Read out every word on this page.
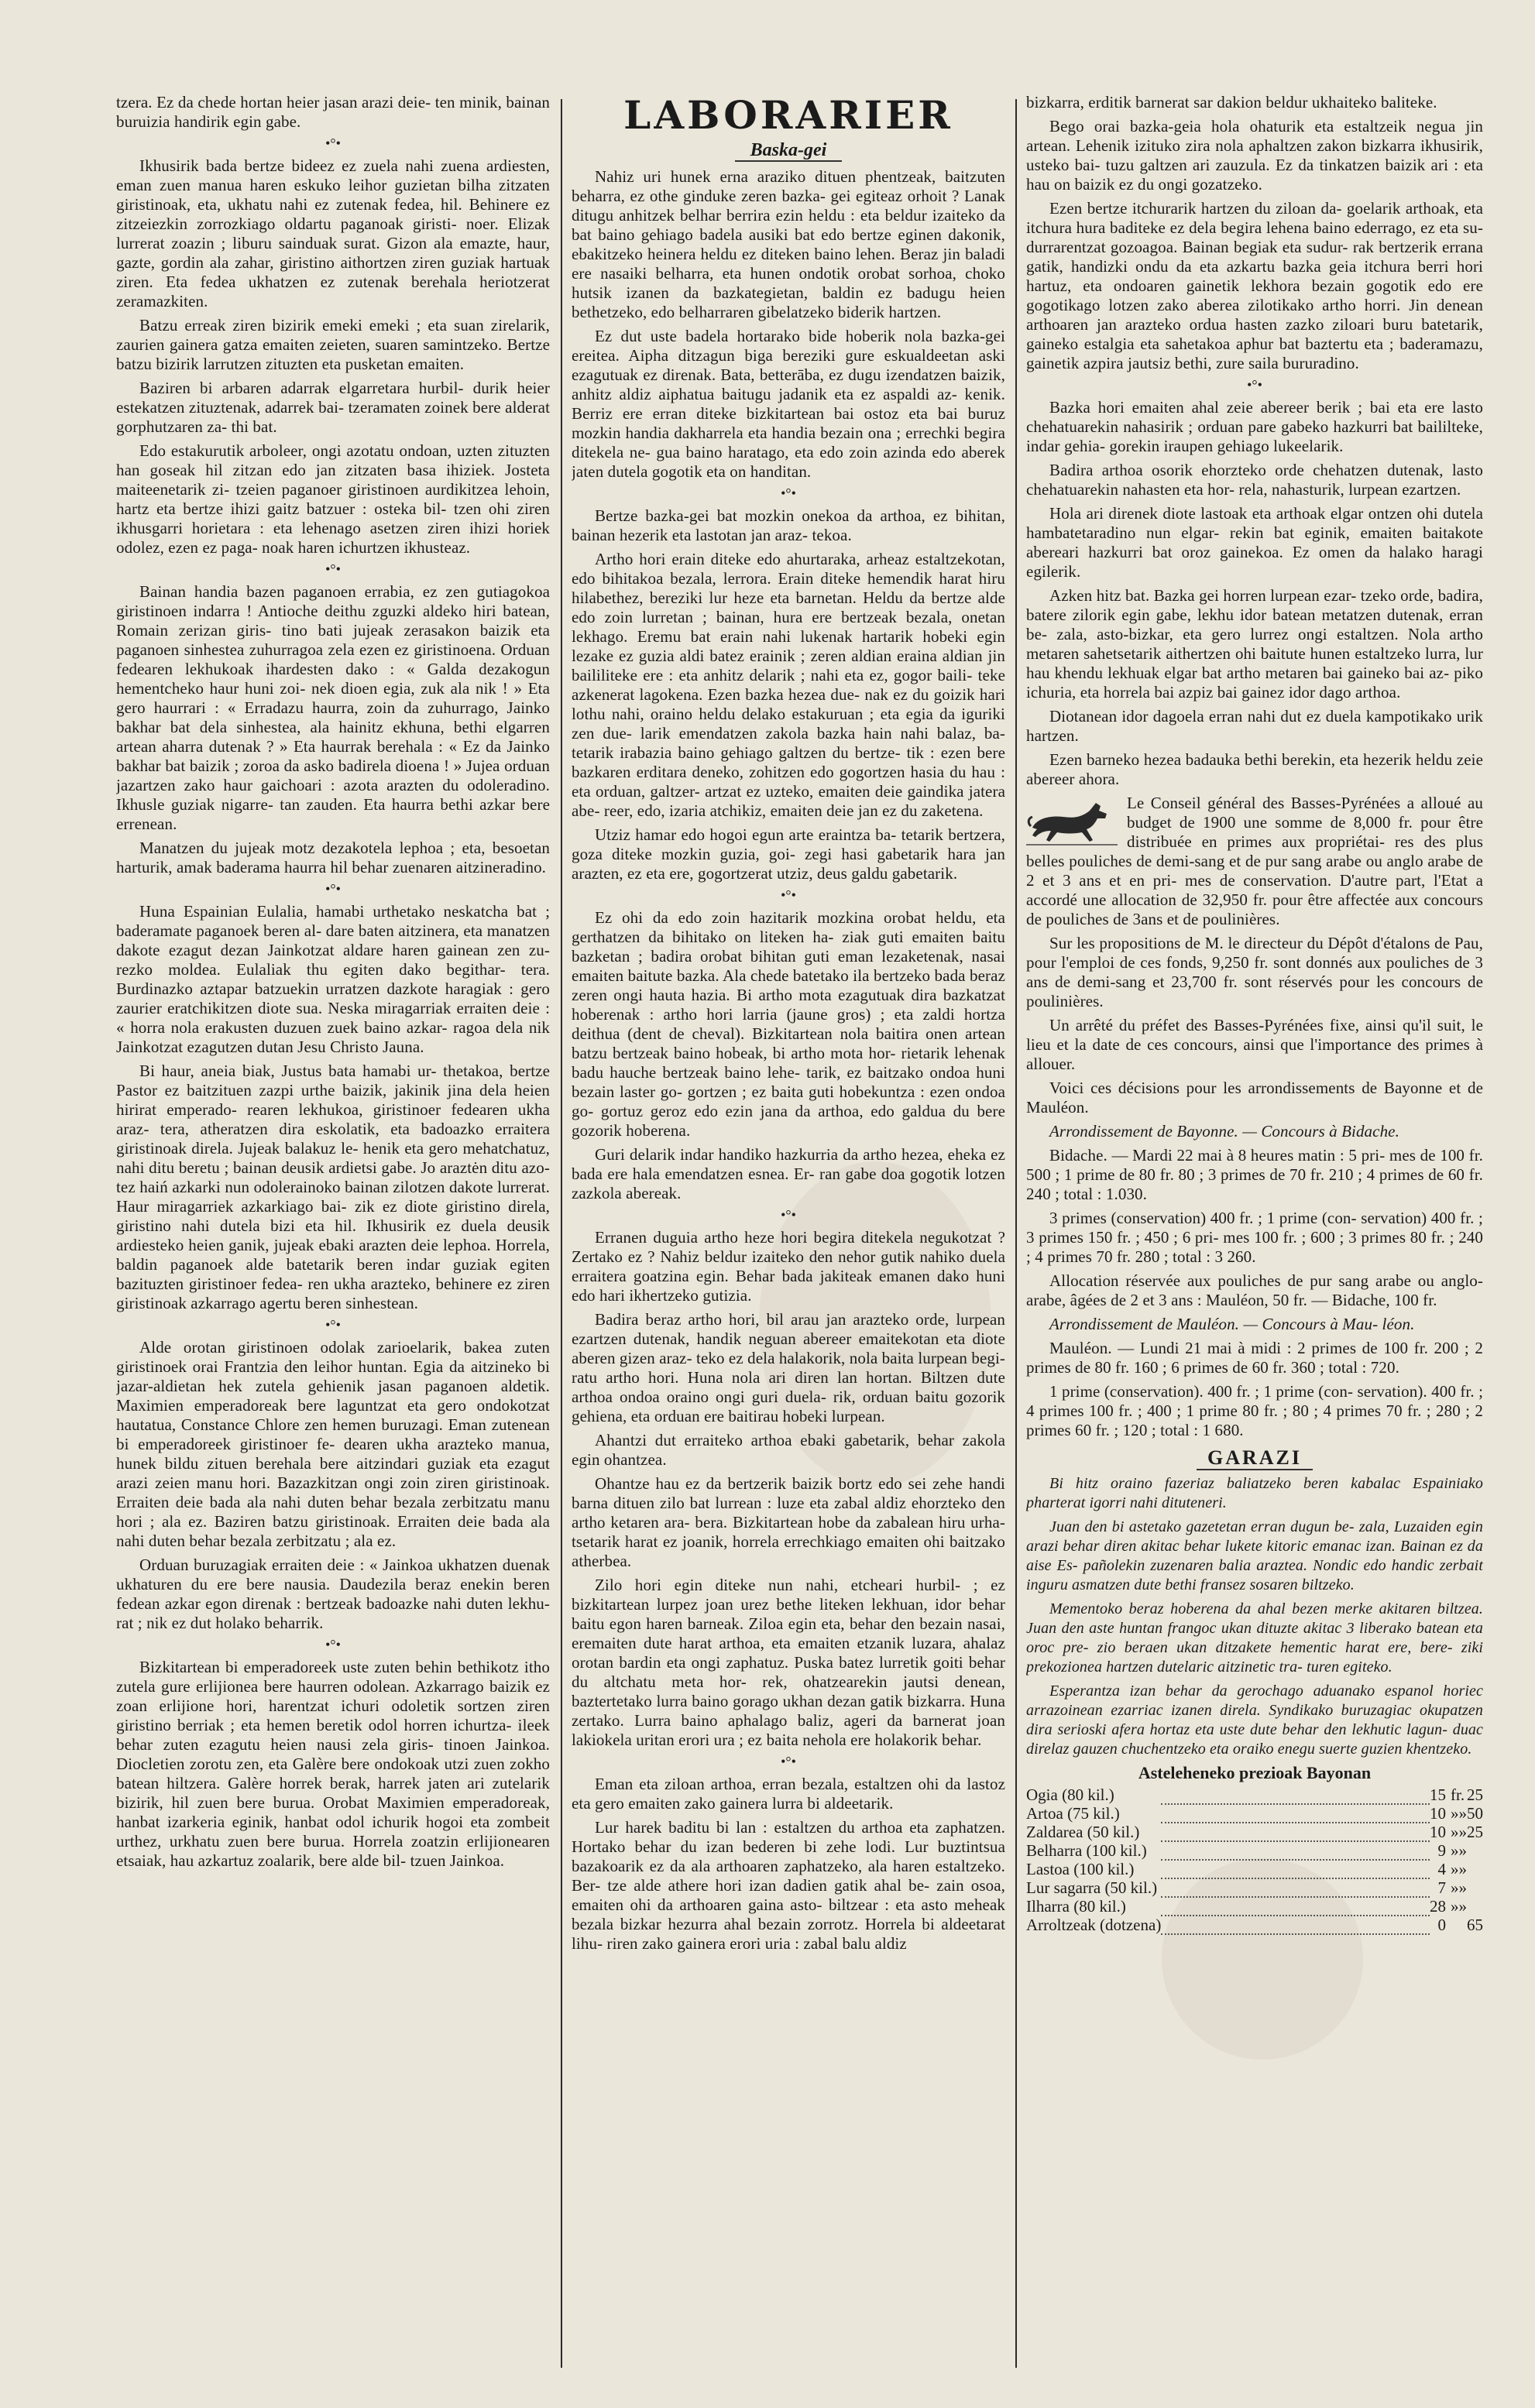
tzera. Ez da chede hortan heier jasan arazi deie- ten minik, bainan buruizia handirik egin gabe.

•°•

Ikhusirik bada bertze bideez ez zuela nahi zuena ardiesten, eman zuen manua haren eskuko leihor guzietan bilha zitzaten giristinoak, eta, ukhatu nahi ez zutenak fedea, hil. Behinere ez zitzeiezkin zorrozkiago oldartu paganoak giristi- noer. Elizak lurrerat zoazin ; liburu sainduak surat. Gizon ala emazte, haur, gazte, gordin ala zahar, giristino aithortzen ziren guziak hartuak ziren. Eta fedea ukhatzen ez zutenak berehala heriotzerat zeramazkiten.

Batzu erreak ziren bizirik emeki emeki ; eta suan zirelarik, zaurien gainera gatza emaiten zeieten, suaren samintzeko. Bertze batzu bizirik larrutzen zituzten eta pusketan emaiten.

Baziren bi arbaren adarrak elgarretara hurbil- durik heier estekatzen zituztenak, adarrek bai- tzeramaten zoinek bere alderat gorphutzaren za- thi bat.

Edo estakurutik arboleer, ongi azotatu ondoan, uzten zituzten han goseak hil zitzan edo jan zitzaten basa ihiziek. Josteta maiteenetarik zi- tzeien paganoer giristinoen aurdikitzea lehoin, hartz eta bertze ihizi gaitz batzuer : osteka bil- tzen ohi ziren ikhusgarri horietara : eta lehenago asetzen ziren ihizi horiek odolez, ezen ez paga- noak haren ichurtzen ikhusteaz.

•°•

Bainan handia bazen paganoen errabia, ez zen gutiagokoa giristinoen indarra ! Antioche deithu zguzki aldeko hiri batean, Romain zerizan giris- tino bati jujeak zerasakon baizik eta paganoen sinhestea zuhurragoa zela ezen ez giristinoena. Orduan fedearen lekhukoak ihardesten dako : « Galda dezakogun hementcheko haur huni zoi- nek dioen egia, zuk ala nik ! » Eta gero haurrari : « Erradazu haurra, zoin da zuhurrago, Jainko bakhar bat dela sinhestea, ala hainitz ekhuna, bethi elgarren artean aharra dutenak ? » Eta haurrak berehala : « Ez da Jainko bakhar bat baizik ; zoroa da asko badirela dioena ! » Jujea orduan jazartzen zako haur gaichoari : azota arazten du odoleradino. Ikhusle guziak nigarre- tan zauden. Eta haurra bethi azkar bere errenean.

Manatzen du jujeak motz dezakotela lephoa ; eta, besoetan harturik, amak baderama haurra hil behar zuenaren aitzineradino.

•°•

Huna Espainian Eulalia, hamabi urthetako neskatcha bat ; baderamate paganoek beren al- dare baten aitzinera, eta manatzen dakote ezagut dezan Jainkotzat aldare haren gainean zen zu- rezko moldea. Eulaliak thu egiten dako begithar- tera. Burdinazko aztapar batzuekin urratzen dazkote haragiak : gero zaurier eratchikitzen diote sua. Neska miragarriak erraiten deie : « horra nola erakusten duzuen zuek baino azkar- ragoa dela nik Jainkotzat ezagutzen dutan Jesu Christo Jauna.

Bi haur, aneia biak, Justus bata hamabi ur- thetakoa, bertze Pastor ez baitzituen zazpi urthe baizik, jakinik jina dela heien hirirat emperado- rearen lekhukoa, giristinoer fedearen ukha araz- tera, atheratzen dira eskolatik, eta badoazko erraitera giristinoak direla. Jujeak balakuz le- henik eta gero mehatchatuz, nahi ditu beretu ; bainan deusik ardietsi gabe. Jo araztėn ditu azo- tez haiń azkarki nun odolerainoko bainan zilotzen dakote lurrerat. Haur miragarriek azkarkiago bai- zik ez diote giristino direla, giristino nahi dutela bizi eta hil. Ikhusirik ez duela deusik ardiesteko heien ganik, jujeak ebaki arazten deie lephoa. Horrela, baldin paganoek alde batetarik beren indar guziak egiten bazituzten giristinoer fedea- ren ukha arazteko, behinere ez ziren giristinoak azkarrago agertu beren sinhestean.

•°•

Alde orotan giristinoen odolak zarioelarik, bakea zuten giristinoek orai Frantzia den leihor huntan. Egia da aitzineko bi jazar-aldietan hek zutela gehienik jasan paganoen aldetik. Maximien emperadoreak bere laguntzat eta gero ondokotzat hautatua, Constance Chlore zen hemen buruzagi. Eman zutenean bi emperadoreek giristinoer fe- dearen ukha arazteko manua, hunek bildu zituen berehala bere aitzindari guziak eta ezagut arazi zeien manu hori. Bazazkitzan ongi zoin ziren giristinoak. Erraiten deie bada ala nahi duten behar bezala zerbitzatu manu hori ; ala ez. Baziren batzu giristinoak. Erraiten deie bada ala nahi duten behar bezala zerbitzatu ; ala ez.

Orduan buruzagiak erraiten deie : « Jainkoa ukhatzen duenak ukhaturen du ere bere nausia. Daudezila beraz enekin beren fedean azkar egon direnak : bertzeak badoazke nahi duten lekhu- rat ; nik ez dut holako beharrik.

•°•

Bizkitartean bi emperadoreek uste zuten behin bethikotz itho zutela gure erlijionea bere haurren odolean. Azkarrago baizik ez zoan erlijione hori, harentzat ichuri odoletik sortzen ziren giristino berriak ; eta hemen beretik odol horren ichurtza- ileek behar zuten ezagutu heien nausi zela giris- tinoen Jainkoa. Diocletien zorotu zen, eta Galère bere ondokoak utzi zuen zokho batean hiltzera. Galère horrek berak, harrek jaten ari zutelarik bizirik, hil zuen bere burua. Orobat Maximien emperadoreak, hanbat izarkeria eginik, hanbat odol ichurik hogoi eta zombeit urthez, urkhatu zuen bere burua. Horrela zoatzin erlijionearen etsaiak, hau azkartuz zoalarik, bere alde bil- tzuen Jainkoa.

LABORARIER
Baska-gei

Nahiz uri hunek erna araziko dituen phentzeak, baitzuten beharra, ez othe ginduke zeren bazka- gei egiteaz orhoit ? Lanak ditugu anhitzek belhar berrira ezin heldu : eta beldur izaiteko da bat baino gehiago badela ausiki bat edo bertze eginen dakonik, ebakitzeko heinera heldu ez diteken baino lehen. Beraz jin baladi ere nasaiki belharra, eta hunen ondotik orobat sorhoa, choko hutsik izanen da bazkategietan, baldin ez badugu heien bethetzeko, edo belharraren gibelatzeko biderik hartzen.

Ez dut uste badela hortarako bide hoberik nola bazka-gei ereitea. Aipha ditzagun biga bereziki gure eskualdeetan aski ezagutuak ez direnak. Bata, betterāba, ez dugu izendatzen baizik, anhitz aldiz aiphatua baitugu jadanik eta ez aspaldi az- kenik. Berriz ere erran diteke bizkitartean bai ostoz eta bai buruz mozkin handia dakharrela eta handia bezain ona ; errechki begira ditekela ne- gua baino haratago, eta edo zoin azinda edo aberek jaten dutela gogotik eta on handitan.

•°•

Bertze bazka-gei bat mozkin onekoa da arthoa, ez bihitan, bainan hezerik eta lastotan jan araz- tekoa.

Artho hori erain diteke edo ahurtaraka, arheaz estaltzekotan, edo bihitakoa bezala, lerrora. Erain diteke hemendik harat hiru hilabethez, bereziki lur heze eta barnetan. Heldu da bertze alde edo zoin lurretan ; bainan, hura ere bertzeak bezala, onetan lekhago. Eremu bat erain nahi lukenak hartarik hobeki egin lezake ez guzia aldi batez erainik ; zeren aldian eraina aldian jin baililiteke ere : eta anhitz delarik ; nahi eta ez, gogor baili- teke azkenerat lagokena. Ezen bazka hezea due- nak ez du goizik hari lothu nahi, oraino heldu delako estakuruan ; eta egia da iguriki zen due- larik emendatzen zakola bazka hain nahi balaz, ba- tetarik irabazia baino gehiago galtzen du bertze- tik : ezen bere bazkaren erditara deneko, zohitzen edo gogortzen hasia du hau : eta orduan, galtzer- artzat ez uzteko, emaiten deie gaindika jatera abe- reer, edo, izaria atchikiz, emaiten deie jan ez du zaketena.

Utziz hamar edo hogoi egun arte eraintza ba- tetarik bertzera, goza diteke mozkin guzia, goi- zegi hasi gabetarik hara jan arazten, ez eta ere, gogortzerat utziz, deus galdu gabetarik.

•°•

Ez ohi da edo zoin hazitarik mozkina orobat heldu, eta gerthatzen da bihitako on liteken ha- ziak guti emaiten baitu bazketan ; badira orobat bihitan guti eman lezaketenak, nasai emaiten baitute bazka. Ala chede batetako ila bertzeko bada beraz zeren ongi hauta hazia. Bi artho mota ezagutuak dira bazkatzat hoberenak : artho hori larria (jaune gros) ; eta zaldi hortza deithua (dent de cheval). Bizkitartean nola baitira onen artean batzu bertzeak baino hobeak, bi artho mota hor- rietarik lehenak badu hauche bertzeak baino lehe- tarik, ez baitzako ondoa huni bezain laster go- gortzen ; ez baita guti hobekuntza : ezen ondoa go- gortuz geroz edo ezin jana da arthoa, edo galdua du bere gozorik hoberena.

Guri delarik indar handiko hazkurria da artho hezea, eheka ez bada ere hala emendatzen esnea. Er- ran gabe doa gogotik lotzen zazkola abereak.

•°•

Erranen duguia artho heze hori begira ditekela negukotzat ? Zertako ez ? Nahiz beldur izaiteko den nehor gutik nahiko duela erraitera goatzina egin. Behar bada jakiteak emanen dako huni edo hari ikhertzeko gutizia.

Badira beraz artho hori, bil arau jan arazteko orde, lurpean ezartzen dutenak, handik neguan abereer emaitekotan eta diote aberen gizen araz- teko ez dela halakorik, nola baita lurpean begi- ratu artho hori. Huna nola ari diren lan hortan. Biltzen dute arthoa ondoa oraino ongi guri duela- rik, orduan baitu gozorik gehiena, eta orduan ere baitirau hobeki lurpean.

Ahantzi dut erraiteko arthoa ebaki gabetarik, behar zakola egin ohantzea.

Ohantze hau ez da bertzerik baizik bortz edo sei zehe handi barna dituen zilo bat lurrean : luze eta zabal aldiz ehorzteko den artho ketaren ara- bera. Bizkitartean hobe da zabalean hiru urha- tsetarik harat ez joanik, horrela errechkiago emaiten ohi baitzako atherbea.

Zilo hori egin diteke nun nahi, etcheari hurbil- ; ez bizkitartean lurpez joan urez bethe liteken lekhuan, idor behar baitu egon haren barneak. Ziloa egin eta, behar den bezain nasai, eremaiten dute harat arthoa, eta emaiten etzanik luzara, ahalaz orotan bardin eta ongi zaphatuz. Puska batez lurretik goiti behar du altchatu meta hor- rek, ohatzearekin jautsi denean, baztertetako lurra baino gorago ukhan dezan gatik bizkarra. Huna zertako. Lurra baino aphalago baliz, ageri da barnerat joan lakiokela uritan erori ura ; ez baita nehola ere holakorik behar.

•°•

Eman eta ziloan arthoa, erran bezala, estaltzen ohi da lastoz eta gero emaiten zako gainera lurra bi aldeetarik.

Lur harek baditu bi lan : estaltzen du arthoa eta zaphatzen. Hortako behar du izan bederen bi zehe lodi. Lur buztintsua bazakoarik ez da ala arthoaren zaphatzeko, ala haren estaltzeko. Ber- tze alde athere hori izan dadien gatik ahal be- zain osoa, emaiten ohi da arthoaren gaina asto- biltzear : eta asto meheak bezala bizkar hezurra ahal bezain zorrotz. Horrela bi aldeetarat lihu- riren zako gainera erori uria : zabal balu aldiz

bizkarra, erditik barnerat sar dakion beldur ukhaiteko baliteke.

Bego orai bazka-geia hola ohaturik eta estaltzeik negua jin artean. Lehenik izituko zira nola aphaltzen zakon bizkarra ikhusirik, usteko bai- tuzu galtzen ari zauzula. Ez da tinkatzen baizik ari : eta hau on baizik ez du ongi gozatzeko.

Ezen bertze itchurarik hartzen du ziloan da- goelarik arthoak, eta itchura hura baditeke ez dela begira lehena baino ederrago, ez eta su- durrarentzat gozoagoa. Bainan begiak eta sudur- rak bertzerik errana gatik, handizki ondu da eta azkartu bazka geia itchura berri hori hartuz, eta ondoaren gainetik lekhora bezain gogotik edo ere gogotikago lotzen zako aberea zilotikako artho horri. Jin denean arthoaren jan araztekо ordua hasten zazko ziloari buru batetarik, gaineko estalgia eta sahetakoa aphur bat baztertu eta ; baderamazu, gainetik azpira jautsiz bethi, zure saila bururadino.

•°•

Bazka hori emaiten ahal zeie abereer berik ; bai eta ere lasto chehatuarekin nahasirik ; orduan pare gabeko hazkurri bat baililteke, indar gehia- gorekin iraupen gehiago lukeelarik.

Badira arthoa osorik ehorzteko orde chehatzen dutenak, lasto chehatuarekin nahasten eta hor- rela, nahasturik, lurpean ezartzen.

Hola ari direnek diote lastoak eta arthoak elgar ontzen ohi dutela hambatetaradino nun elgar- rekin bat eginik, emaiten baitakote abereari hazkurri bat oroz gainekoa. Ez omen da halako haragi egilerik.

Azken hitz bat. Bazka gei horren lurpean ezar- tzeko orde, badira, batere zilorik egin gabe, lekhu idor batean metatzen dutenak, erran be- zala, asto-bizkar, eta gero lurrez ongi estaltzen. Nola artho metaren sahetsetarik aithertzen ohi baitute hunen estaltzeko lurra, lur hau khendu lekhuak elgar bat artho metaren bai gaineko bai az- piko ichuria, eta horrela bai azpiz bai gainez idor dago arthoa.

Diotanean idor dagoela erran nahi dut ez duela kampotikako urik hartzen.

Ezen barneko hezea badauka bethi berekin, eta hezerik heldu zeie abereer ahora.

Le Conseil général des Basses-Pyrénées a alloué au budget de 1900 une somme de 8,000 fr. pour être distribuée en primes aux propriétai- res des plus belles pouliches de demi-sang et de pur sang arabe ou anglo arabe de 2 et 3 ans et en pri- mes de conservation. D'autre part, l'Etat a accordé une allocation de 32,950 fr. pour être affectée aux concours de pouliches de 3ans et de poulinières.

Sur les propositions de M. le directeur du Dépôt d'étalons de Pau, pour l'emploi de ces fonds, 9,250 fr. sont donnés aux pouliches de 3 ans de demi-sang et 23,700 fr. sont réservés pour les concours de poulinières.

Un arrêté du préfet des Basses-Pyrénées fixe, ainsi qu'il suit, le lieu et la date de ces concours, ainsi que l'importance des primes à allouer.

Voici ces décisions pour les arrondissements de Bayonne et de Mauléon.

Arrondissement de Bayonne. — Concours à Bidache.

Bidache. — Mardi 22 mai à 8 heures matin : 5 pri- mes de 100 fr. 500 ; 1 prime de 80 fr. 80 ; 3 primes de 70 fr. 210 ; 4 primes de 60 fr. 240 ; total : 1.030.

3 primes (conservation) 400 fr. ; 1 prime (con- servation) 400 fr. ; 3 primes 150 fr. ; 450 ; 6 pri- mes 100 fr. ; 600 ; 3 primes 80 fr. ; 240 ; 4 primes 70 fr. 280 ; total : 3 260.

Allocation réservée aux pouliches de pur sang arabe ou anglo-arabe, âgées de 2 et 3 ans : Mauléon, 50 fr. — Bidache, 100 fr.

Arrondissement de Mauléon. — Concours à Mau- léon.

Mauléon. — Lundi 21 mai à midi : 2 primes de 100 fr. 200 ; 2 primes de 80 fr. 160 ; 6 primes de 60 fr. 360 ; total : 720.

1 prime (conservation). 400 fr. ; 1 prime (con- servation). 400 fr. ; 4 primes 100 fr. ; 400 ; 1 prime 80 fr. ; 80 ; 4 primes 70 fr. ; 280 ; 2 primes 60 fr. ; 120 ; total : 1 680.

GARAZI

Bi hitz oraino fazeriaz baliatzeko beren kabalac Espainiako pharterat igorri nahi dituteneri.

Juan den bi astetako gazetetan erran dugun be- zala, Luzaiden egin arazi behar diren akitac behar lukete kitoric emanac izan. Bainan ez da aise Es- pañolekin zuzenaren balia araztea. Nondic edo handic zerbait inguru asmatzen dute bethi fransez sosaren biltzeko.

Mementoko beraz hoberena da ahal bezen merke akitaren biltzea. Juan den aste huntan frangoc ukan dituzte akitac 3 liberako batean eta oroc pre- zio beraen ukan ditzakete hementic harat ere, bere- ziki prekozionea hartzen dutelaric aitzinetic tra- turen egiteko.

Esperantza izan behar da gerochago aduanako espanol horiec arrazoinean ezarriac izanen direla. Syndikako buruzagiac okupatzen dira serioski afera hortaz eta uste dute behar den lekhutic lagun- duac direlaz gauzen chuchentzeko eta oraiko enegu suerte guzien khentzeko.

Asteleheneko prezioak Bayonan
Ogia (80 kil.)		15	fr.	25
Artoa (75 kil.)		10	»»	50
Zaldarea (50 kil.)		10	»»	25
Belharra (100 kil.)		9	»»	
Lastoa (100 kil.)		4	»»	
Lur sagarra (50 kil.)		7	»»	
Ilharra (80 kil.)		28	»»	
Arroltzeak (dotzena)		0		65
